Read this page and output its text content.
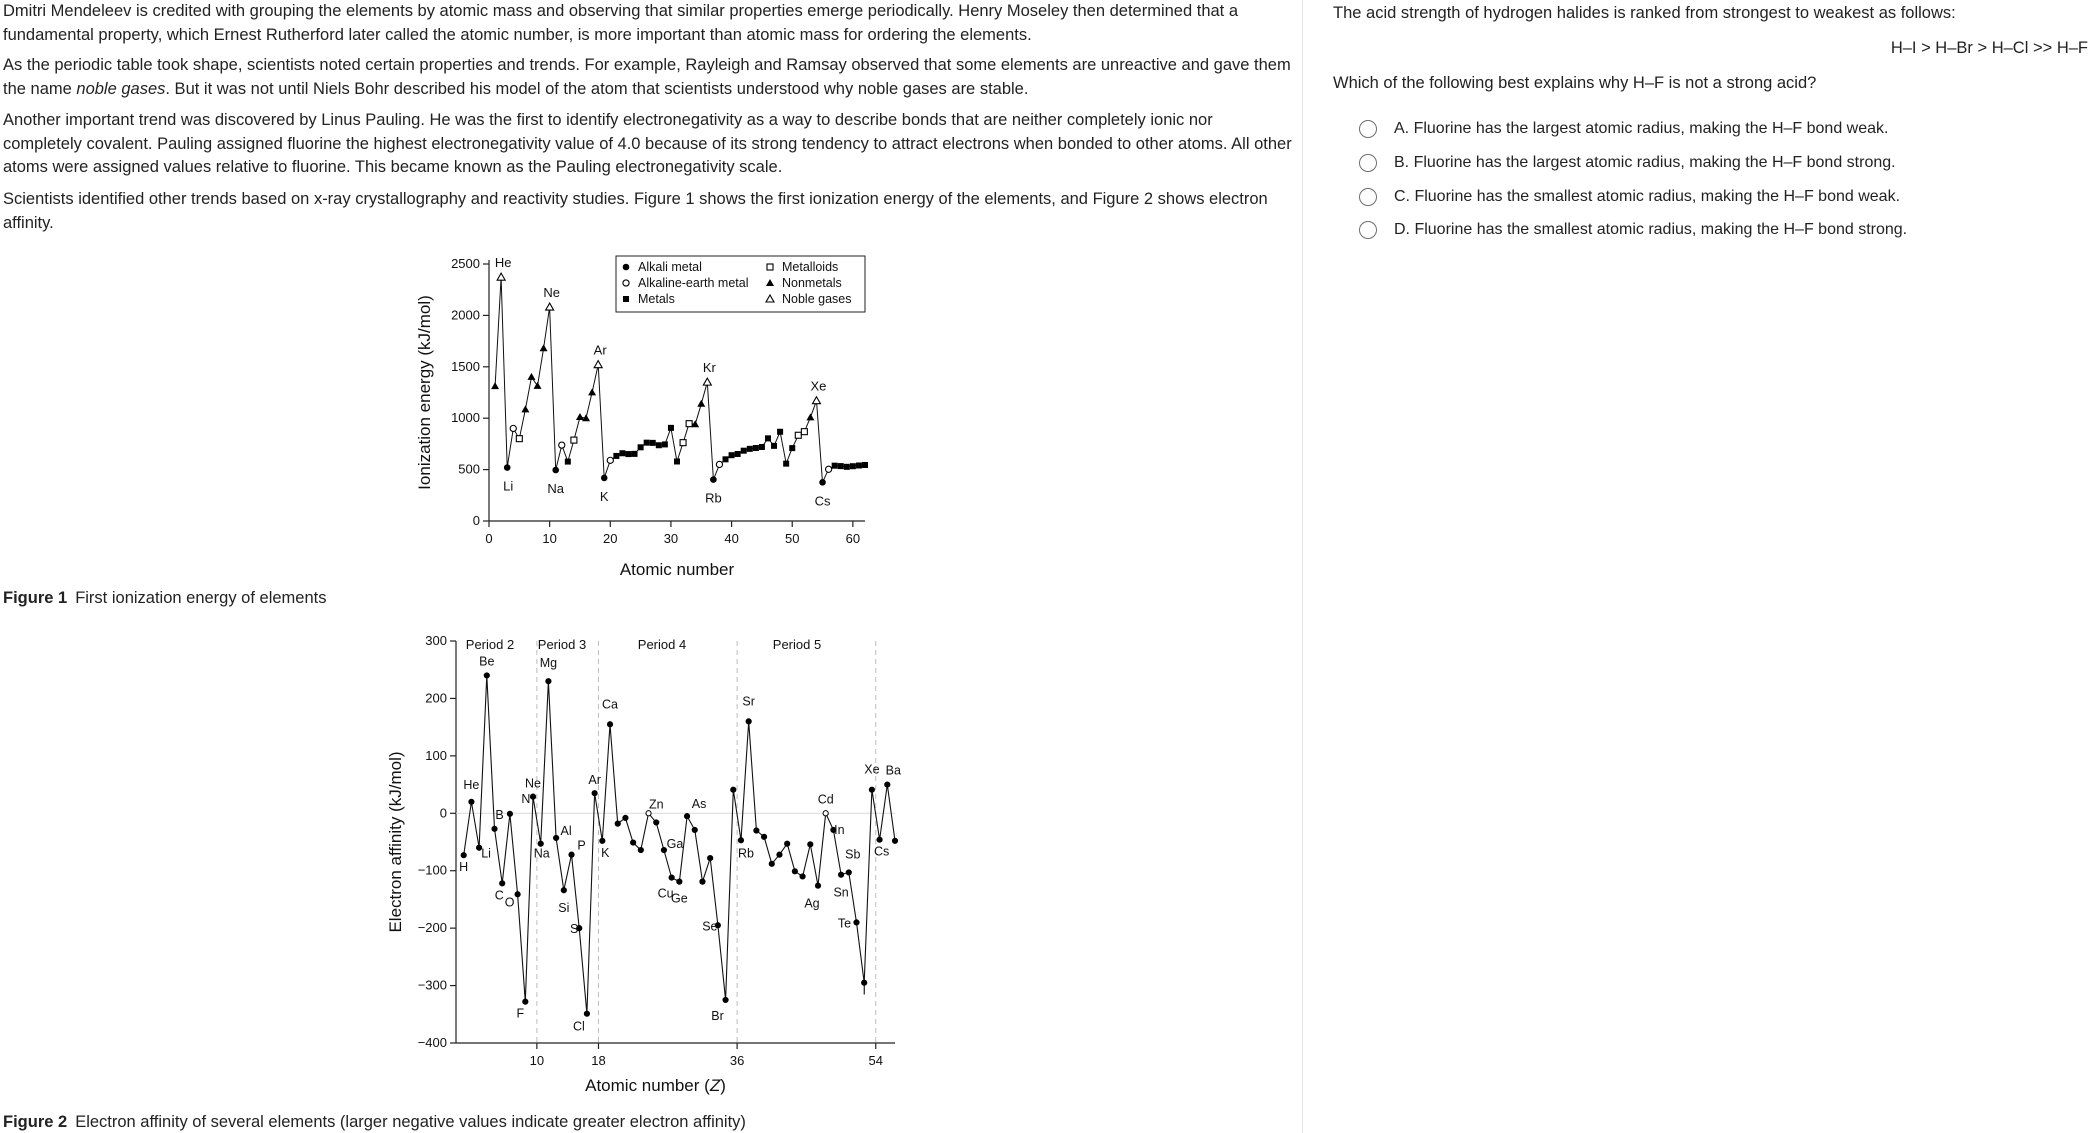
Dmitri Mendeleev is credited with grouping the elements by atomic mass and observing that similar properties emerge periodically. Henry Moseley then determined that a fundamental property, which Ernest Rutherford later called the atomic number, is more important than atomic mass for ordering the elements.

As the periodic table took shape, scientists noted certain properties and trends. For example, Rayleigh and Ramsay observed that some elements are unreactive and gave them the name noble gases. But it was not until Niels Bohr described his model of the atom that scientists understood why noble gases are stable.

Another important trend was discovered by Linus Pauling. He was the first to identify electronegativity as a way to describe bonds that are neither completely ionic nor completely covalent. Pauling assigned fluorine the highest electronegativity value of 4.0 because of its strong tendency to attract electrons when bonded to other atoms. All other atoms were assigned values relative to fluorine. This became known as the Pauling electronegativity scale.

Scientists identified other trends based on x-ray crystallography and reactivity studies. Figure 1 shows the first ionization energy of the elements, and Figure 2 shows electron affinity.

0
500
1000
1500
2000
2500
0	10	20	30	40	50	60
Atomic number
Ionization energy (kJ/mol)
Alkali metal
Alkaline-earth metal
Metals
Metalloids
Nonmetals
Noble gases
He
Ne
Ar
Kr
Xe
Li	Na
K	Rb	Cs

Figure 1 First ionization energy of elements

300
200
100
0
−100
−200
−300
−400
10	18	36	54
Period 2 Period 3	Period 4	Period 5
Atomic number (Z)
Electron affinity (kJ/mol)	H
He
Li
Be
B
C
N
O
F
Ne
Na
Mg
Al
Si
P
S
Cl
Ar
K
Ca
Zn
Ga
Cu
Ge
As
Se
Br
Rb
Sr
Ag
Cd
In
Sn
Sb
Te
I
Xe
Cs
Ba

Figure 2 Electron affinity of several elements (larger negative values indicate greater electron affinity)

The acid strength of hydrogen halides is ranked from strongest to weakest as follows:

H–I > H–Br > H–Cl >> H–F

Which of the following best explains why H–F is not a strong acid?

A. Fluorine has the largest atomic radius, making the H–F bond weak.
B. Fluorine has the largest atomic radius, making the H–F bond strong.
C. Fluorine has the smallest atomic radius, making the H–F bond weak.
D. Fluorine has the smallest atomic radius, making the H–F bond strong.
